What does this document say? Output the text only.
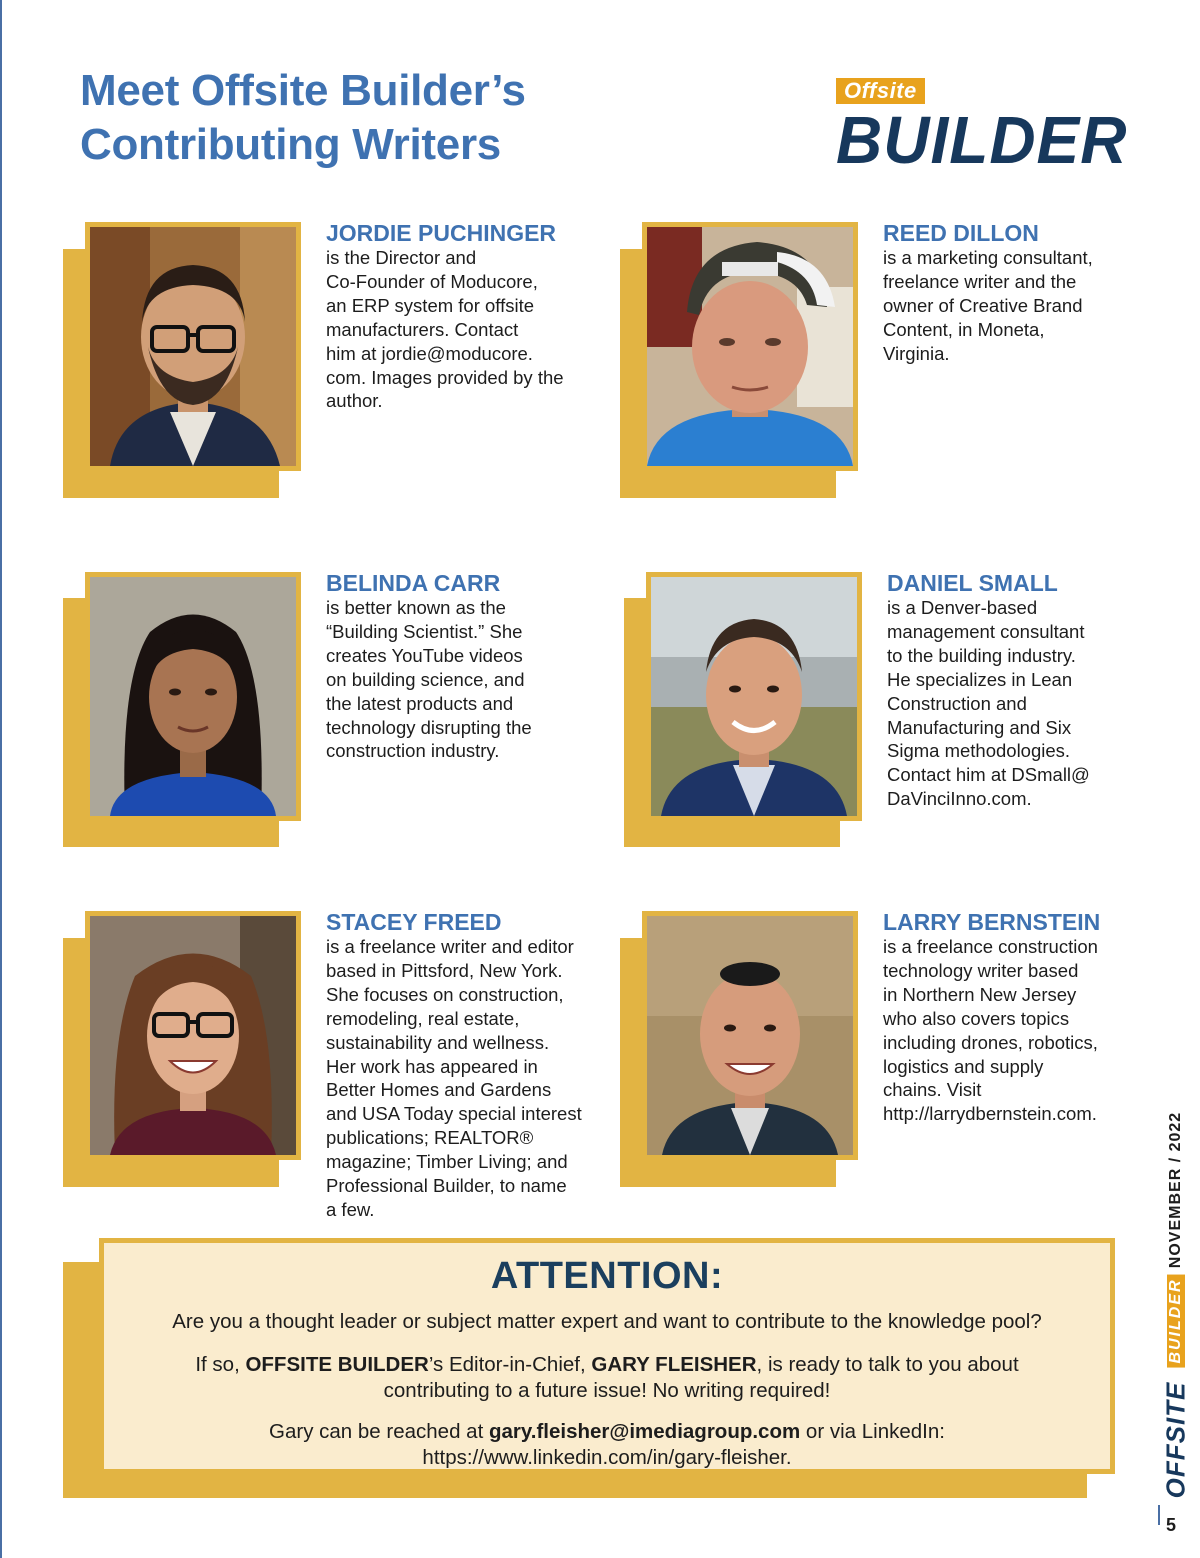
Meet Offsite Builder’s
Contributing Writers
Offsite
BUILDER
JORDIE PUCHINGER
is the Director and
Co-Founder of Moducore,
an ERP system for offsite
manufacturers. Contact
him at jordie@moducore.
com. Images provided by the
author.
REED DILLON
is a marketing consultant,
freelance writer and the
owner of Creative Brand
Content, in Moneta,
Virginia.
BELINDA CARR
is better known as the
“Building Scientist.” She
creates YouTube videos
on building science, and
the latest products and
technology disrupting the
construction industry.
DANIEL SMALL
is a Denver-based
management consultant
to the building industry.
He specializes in Lean
Construction and
Manufacturing and Six
Sigma methodologies.
Contact him at DSmall@
DaVinciInno.com.
STACEY FREED
is a freelance writer and editor
based in Pittsford, New York.
She focuses on construction,
remodeling, real estate,
sustainability and wellness.
Her work has appeared in
Better Homes and Gardens
and USA Today special interest
publications; REALTOR®
magazine; Timber Living; and
Professional Builder, to name
a few.
LARRY BERNSTEIN
is a freelance construction
technology writer based
in Northern New Jersey
who also covers topics
including drones, robotics,
logistics and supply
chains. Visit
http://larrydbernstein.com.
ATTENTION:
Are you a thought leader or subject matter expert and want to contribute to the knowledge pool?
If so, OFFSITE BUILDER’s Editor-in-Chief, GARY FLEISHER, is ready to talk to you about
contributing to a future issue! No writing required!
Gary can be reached at gary.fleisher@imediagroup.com or via LinkedIn:
https://www.linkedin.com/in/gary-fleisher.
NOVEMBER / 2022
OFFSITE
BUILDER
5
